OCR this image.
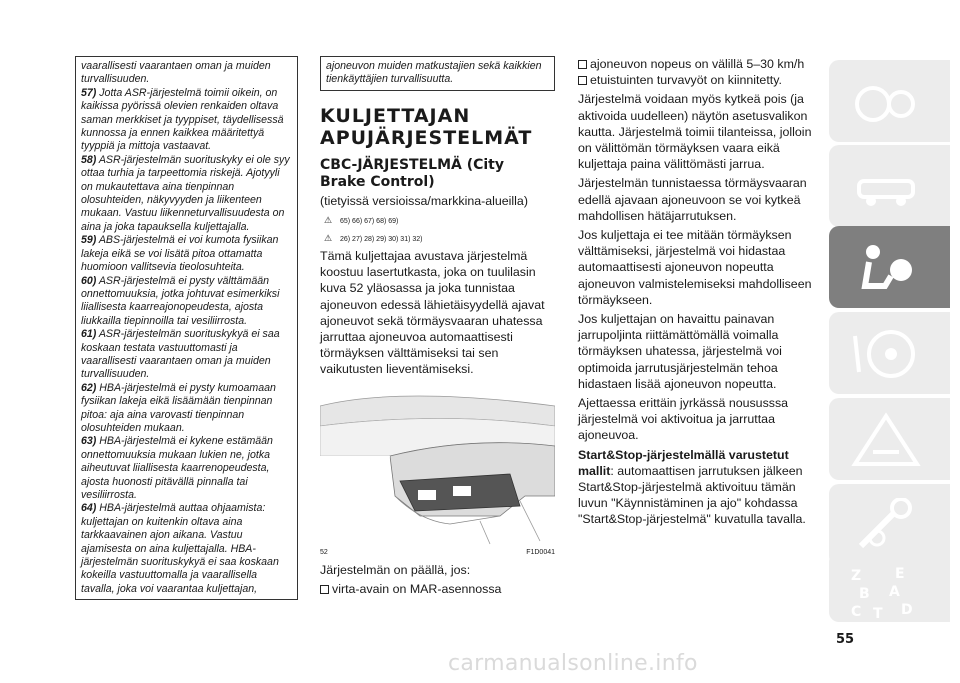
vaarallisesti vaarantaen oman ja muiden turvallisuuden.

57) Jotta ASR-järjestelmä toimii oikein, on kaikissa pyörissä olevien renkaiden oltava saman merkkiset ja tyyppiset, täydellisessä kunnossa ja ennen kaikkea määritettyä tyyppiä ja mittoja vastaavat.

58) ASR-järjestelmän suorituskyky ei ole syy ottaa turhia ja tarpeettomia riskejä. Ajotyyli on mukautettava aina tienpinnan olosuhteiden, näkyvyyden ja liikenteen mukaan. Vastuu liikenneturvallisuudesta on aina ja joka tapauksella kuljettajalla.

59) ABS-järjestelmä ei voi kumota fysiikan lakeja eikä se voi lisätä pitoa ottamatta huomioon vallitsevia tieolosuhteita.

60) ASR-järjestelmä ei pysty välttämään onnettomuuksia, jotka johtuvat esimerkiksi liiallisesta kaarreajonopeudesta, ajosta liukkailla tiepinnoilla tai vesiliirrosta.

61) ASR-järjestelmän suorituskykyä ei saa koskaan testata vastuuttomasti ja vaarallisesti vaarantaen oman ja muiden turvallisuuden.

62) HBA-järjestelmä ei pysty kumoamaan fysiikan lakeja eikä lisäämään tienpinnan pitoa: aja aina varovasti tienpinnan olosuhteiden mukaan.

63) HBA-järjestelmä ei kykene estämään onnettomuuksia mukaan lukien ne, jotka aiheutuvat liiallisesta kaarrenopeudesta, ajosta huonosti pitävällä pinnalla tai vesiliirrosta.

64) HBA-järjestelmä auttaa ohjaamista: kuljettajan on kuitenkin oltava aina tarkkaavainen ajon aikana. Vastuu ajamisesta on aina kuljettajalla. HBA-järjestelmän suorituskykyä ei saa koskaan kokeilla vastuuttomalla ja vaarallisella tavalla, joka voi vaarantaa kuljettajan,

ajoneuvon muiden matkustajien sekä kaikkien tienkäyttäjien turvallisuutta.

KULJETTAJAN
APUJÄRJESTELMÄT
CBC-JÄRJESTELMÄ (City
Brake Control)

(tietyissä versioissa/markkina-alueilla)

⚠ 65) 66) 67) 68) 69)
⚠ 26) 27) 28) 29) 30) 31) 32)

Tämä kuljettajaa avustava järjestelmä koostuu lasertutkasta, joka on tuulilasin kuva 52 yläosassa ja joka tunnistaa ajoneuvon edessä lähietäisyydellä ajavat ajoneuvot sekä törmäysvaaran uhatessa jarruttaa ajoneuvoa automaattisesti törmäyksen välttämiseksi tai sen vaikutusten lieventämiseksi.

52	F1D0041

Järjestelmän on päällä, jos:

virta-avain on MAR-asennossa

ajoneuvon nopeus on välillä 5–30 km/h

etuistuinten turvavyöt on kiinnitetty.

Järjestelmä voidaan myös kytkeä pois (ja aktivoida uudelleen) näytön asetusvalikon kautta. Järjestelmä toimii tilanteissa, jolloin on välittömän törmäyksen vaara eikä kuljettaja paina välittömästi jarrua.

Järjestelmän tunnistaessa törmäysvaaran edellä ajavaan ajoneuvoon se voi kytkeä mahdollisen hätäjarrutuksen.

Jos kuljettaja ei tee mitään törmäyksen välttämiseksi, järjestelmä voi hidastaa automaattisesti ajoneuvon nopeutta ajoneuvon valmistelemiseksi mahdolliseen törmäykseen.

Jos kuljettajan on havaittu painavan jarrupoljinta riittämättömällä voimalla törmäyksen uhatessa, järjestelmä voi optimoida jarrutusjärjestelmän tehoa hidastaen lisää ajoneuvon nopeutta.

Ajettaessa erittäin jyrkässä noususssa järjestelmä voi aktivoitua ja jarruttaa ajoneuvoa.

Start&Stop-järjestelmällä varustetut mallit: automaattisen jarrutuksen jälkeen Start&Stop-järjestelmä aktivoituu tämän luvun "Käynnistäminen ja ajo" kohdassa "Start&Stop-järjestelmä" kuvatulla tavalla.

Z E
B A
C T D
55
carmanualsonline.info
